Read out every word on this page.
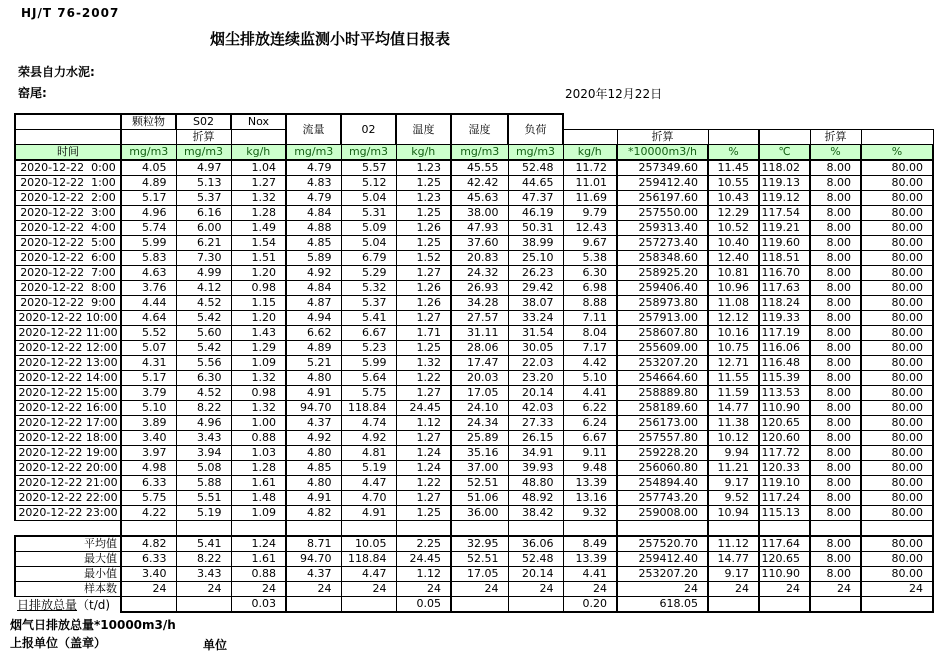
HJ/T 76-2007
烟尘排放连续监测小时平均值日报表
荣县自力水泥:
窑尾:	2020年12月22日
	颗粒物	S02	Nox	流量	02	温度	湿度	负荷						
		折算								折算			折算	
时间	mg/m3	mg/m3	kg/h	mg/m3	mg/m3	kg/h	mg/m3	mg/m3	kg/h	*10000m3/h	%	℃	%	%
2020-12-22  0:00	4.05	4.97	1.04	4.79	5.57	1.23	45.55	52.48	11.72	257349.60	11.45	118.02	8.00	80.00
2020-12-22  1:00	4.89	5.13	1.27	4.83	5.12	1.25	42.42	44.65	11.01	259412.40	10.55	119.13	8.00	80.00
2020-12-22  2:00	5.17	5.37	1.32	4.79	5.04	1.23	45.63	47.37	11.69	256197.60	10.43	119.12	8.00	80.00
2020-12-22  3:00	4.96	6.16	1.28	4.84	5.31	1.25	38.00	46.19	9.79	257550.00	12.29	117.54	8.00	80.00
2020-12-22  4:00	5.74	6.00	1.49	4.88	5.09	1.26	47.93	50.31	12.43	259313.40	10.52	119.21	8.00	80.00
2020-12-22  5:00	5.99	6.21	1.54	4.85	5.04	1.25	37.60	38.99	9.67	257273.40	10.40	119.60	8.00	80.00
2020-12-22  6:00	5.83	7.30	1.51	5.89	6.79	1.52	20.83	25.10	5.38	258348.60	12.40	118.51	8.00	80.00
2020-12-22  7:00	4.63	4.99	1.20	4.92	5.29	1.27	24.32	26.23	6.30	258925.20	10.81	116.70	8.00	80.00
2020-12-22  8:00	3.76	4.12	0.98	4.84	5.32	1.26	26.93	29.42	6.98	259406.40	10.96	117.63	8.00	80.00
2020-12-22  9:00	4.44	4.52	1.15	4.87	5.37	1.26	34.28	38.07	8.88	258973.80	11.08	118.24	8.00	80.00
2020-12-22 10:00	4.64	5.42	1.20	4.94	5.41	1.27	27.57	33.24	7.11	257913.00	12.12	119.33	8.00	80.00
2020-12-22 11:00	5.52	5.60	1.43	6.62	6.67	1.71	31.11	31.54	8.04	258607.80	10.16	117.19	8.00	80.00
2020-12-22 12:00	5.07	5.42	1.29	4.89	5.23	1.25	28.06	30.05	7.17	255609.00	10.75	116.06	8.00	80.00
2020-12-22 13:00	4.31	5.56	1.09	5.21	5.99	1.32	17.47	22.03	4.42	253207.20	12.71	116.48	8.00	80.00
2020-12-22 14:00	5.17	6.30	1.32	4.80	5.64	1.22	20.03	23.20	5.10	254664.60	11.55	115.39	8.00	80.00
2020-12-22 15:00	3.79	4.52	0.98	4.91	5.75	1.27	17.05	20.14	4.41	258889.80	11.59	113.53	8.00	80.00
2020-12-22 16:00	5.10	8.22	1.32	94.70	118.84	24.45	24.10	42.03	6.22	258189.60	14.77	110.90	8.00	80.00
2020-12-22 17:00	3.89	4.96	1.00	4.37	4.74	1.12	24.34	27.33	6.24	256173.00	11.38	120.65	8.00	80.00
2020-12-22 18:00	3.40	3.43	0.88	4.92	4.92	1.27	25.89	26.15	6.67	257557.80	10.12	120.60	8.00	80.00
2020-12-22 19:00	3.97	3.94	1.03	4.80	4.81	1.24	35.16	34.91	9.11	259228.20	9.94	117.72	8.00	80.00
2020-12-22 20:00	4.98	5.08	1.28	4.85	5.19	1.24	37.00	39.93	9.48	256060.80	11.21	120.33	8.00	80.00
2020-12-22 21:00	6.33	5.88	1.61	4.80	4.47	1.22	52.51	48.80	13.39	254894.40	9.17	119.10	8.00	80.00
2020-12-22 22:00	5.75	5.51	1.48	4.91	4.70	1.27	51.06	48.92	13.16	257743.20	9.52	117.24	8.00	80.00
2020-12-22 23:00	4.22	5.19	1.09	4.82	4.91	1.25	36.00	38.42	9.32	259008.00	10.94	115.13	8.00	80.00

平均值	4.82	5.41	1.24	8.71	10.05	2.25	32.95	36.06	8.49	257520.70	11.12	117.64	8.00	80.00
最大值	6.33	8.22	1.61	94.70	118.84	24.45	52.51	52.48	13.39	259412.40	14.77	120.65	8.00	80.00
最小值	3.40	3.43	0.88	4.37	4.47	1.12	17.05	20.14	4.41	253207.20	9.17	110.90	8.00	80.00
样本数	24	24	24	24	24	24	24	24	24	24	24	24	24	24
日排放总量（t/d)			0.03			0.05			0.20	618.05				
烟气日排放总量*10000m3/h
上报单位（盖章）	单位
